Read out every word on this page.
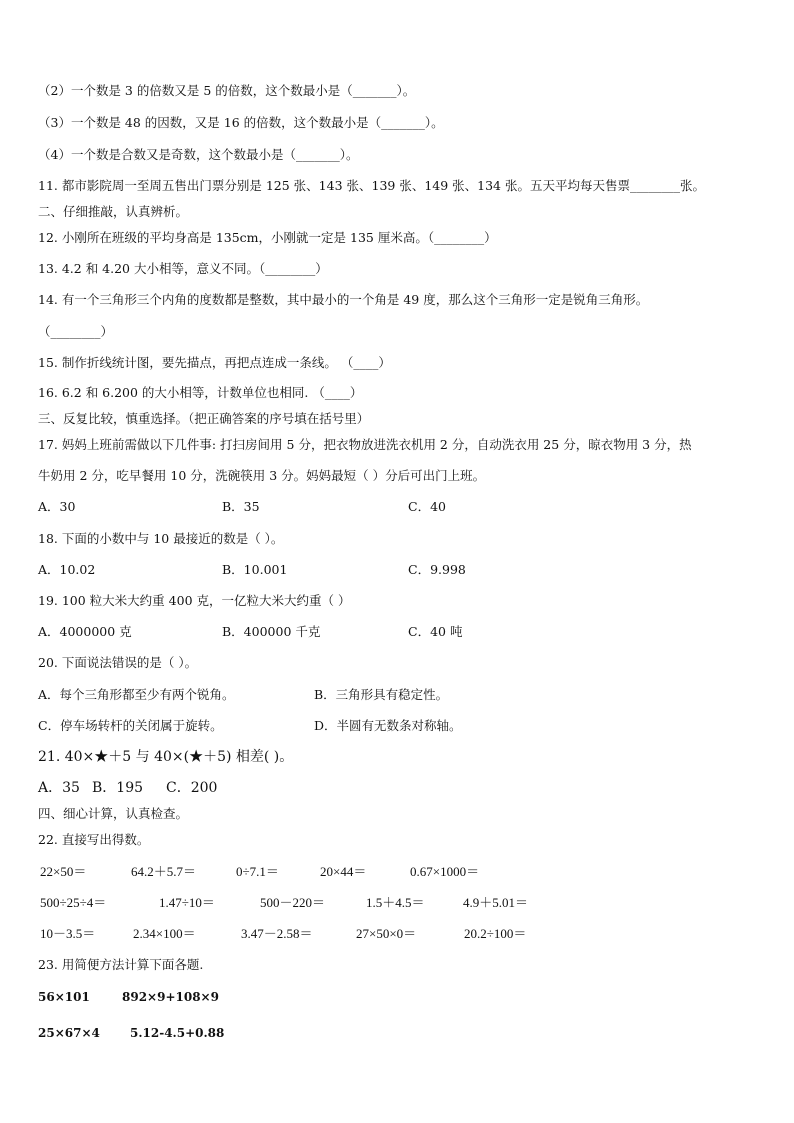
（2）一个数是 3 的倍数又是 5 的倍数，这个数最小是（_______）。
（3）一个数是 48 的因数，又是 16 的倍数，这个数最小是（_______）。
（4）一个数是合数又是奇数，这个数最小是（_______）。
11. 都市影院周一至周五售出门票分别是 125 张、143 张、139 张、149 张、134 张。五天平均每天售票________张。
二、仔细推敲，认真辨析。
12. 小刚所在班级的平均身高是 135cm，小刚就一定是 135 厘米高。（________）
13. 4.2 和 4.20 大小相等，意义不同。（________）
14. 有一个三角形三个内角的度数都是整数，其中最小的一个角是 49 度，那么这个三角形一定是锐角三角形。
（________）
15. 制作折线统计图，要先描点，再把点连成一条线。 （____）
16. 6.2 和 6.200 的大小相等，计数单位也相同. （____）
三、反复比较，慎重选择。（把正确答案的序号填在括号里）
17. 妈妈上班前需做以下几件事: 打扫房间用 5 分，把衣物放进洗衣机用 2 分，自动洗衣用 25 分，晾衣物用 3 分，热
牛奶用 2 分，吃早餐用 10 分，洗碗筷用 3 分。妈妈最短（ ）分后可出门上班。
A．30	B．35	C．40
18. 下面的小数中与 10 最接近的数是（ ）。
A．10.02	B．10.001	C．9.998
19. 100 粒大米大约重 400 克，一亿粒大米大约重（ ）
A．4000000 克	B．400000 千克	C．40 吨
20. 下面说法错误的是（ ）。
A．每个三角形都至少有两个锐角。	B．三角形具有稳定性。
C．停车场转杆的关闭属于旋转。	D．半圆有无数条对称轴。
21. 40×★＋5 与 40×(★＋5) 相差( )。
A．35 B．195 C．200
四、细心计算，认真检查。
22. 直接写出得数。
22×50＝	64.2＋5.7＝	0÷7.1＝	20×44＝	0.67×1000＝
500÷25÷4＝	1.47÷10＝	500－220＝	1.5＋4.5＝	4.9＋5.01＝
10－3.5＝	2.34×100＝	3.47－2.58＝	27×50×0＝	20.2÷100＝
23. 用简便方法计算下面各题.
56×101	892×9+108×9
25×67×4	5.12-4.5+0.88
